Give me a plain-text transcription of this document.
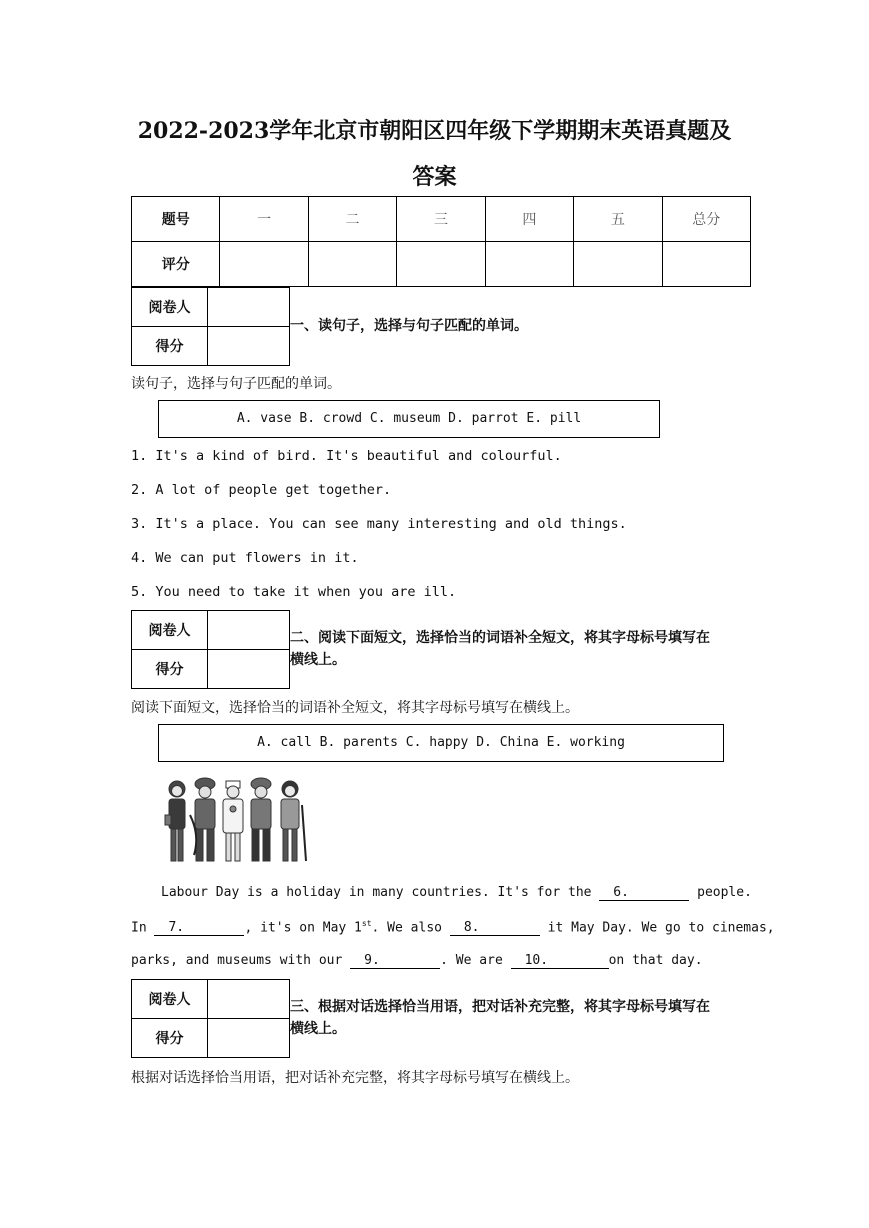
2022-2023学年北京市朝阳区四年级下学期期末英语真题及
答案
题号	一	二	三	四	五	总分
评分						
阅卷人	
得分	
一、读句子，选择与句子匹配的单词。
读句子，选择与句子匹配的单词。
A. vase B. crowd C. museum D. parrot E. pill
1. It's a kind of bird. It's beautiful and colourful.
2. A lot of people get together.
3. It's a place. You can see many interesting and old things.
4. We can put flowers in it.
5. You need to take it when you are ill.
阅卷人	
得分	
二、阅读下面短文，选择恰当的词语补全短文，将其字母标号填写在
横线上。
阅读下面短文，选择恰当的词语补全短文，将其字母标号填写在横线上。
A. call B. parents C. happy D. China E. working
Labour Day is a holiday in many countries. It's for the 6.	people.
In 7.	, it's on May 1st. We also 8.	it May Day. We go to cinemas,
parks, and museums with our 9.	. We are 10.	on that day.
阅卷人	
得分	
三、根据对话选择恰当用语，把对话补充完整，将其字母标号填写在
横线上。
根据对话选择恰当用语，把对话补充完整，将其字母标号填写在横线上。
